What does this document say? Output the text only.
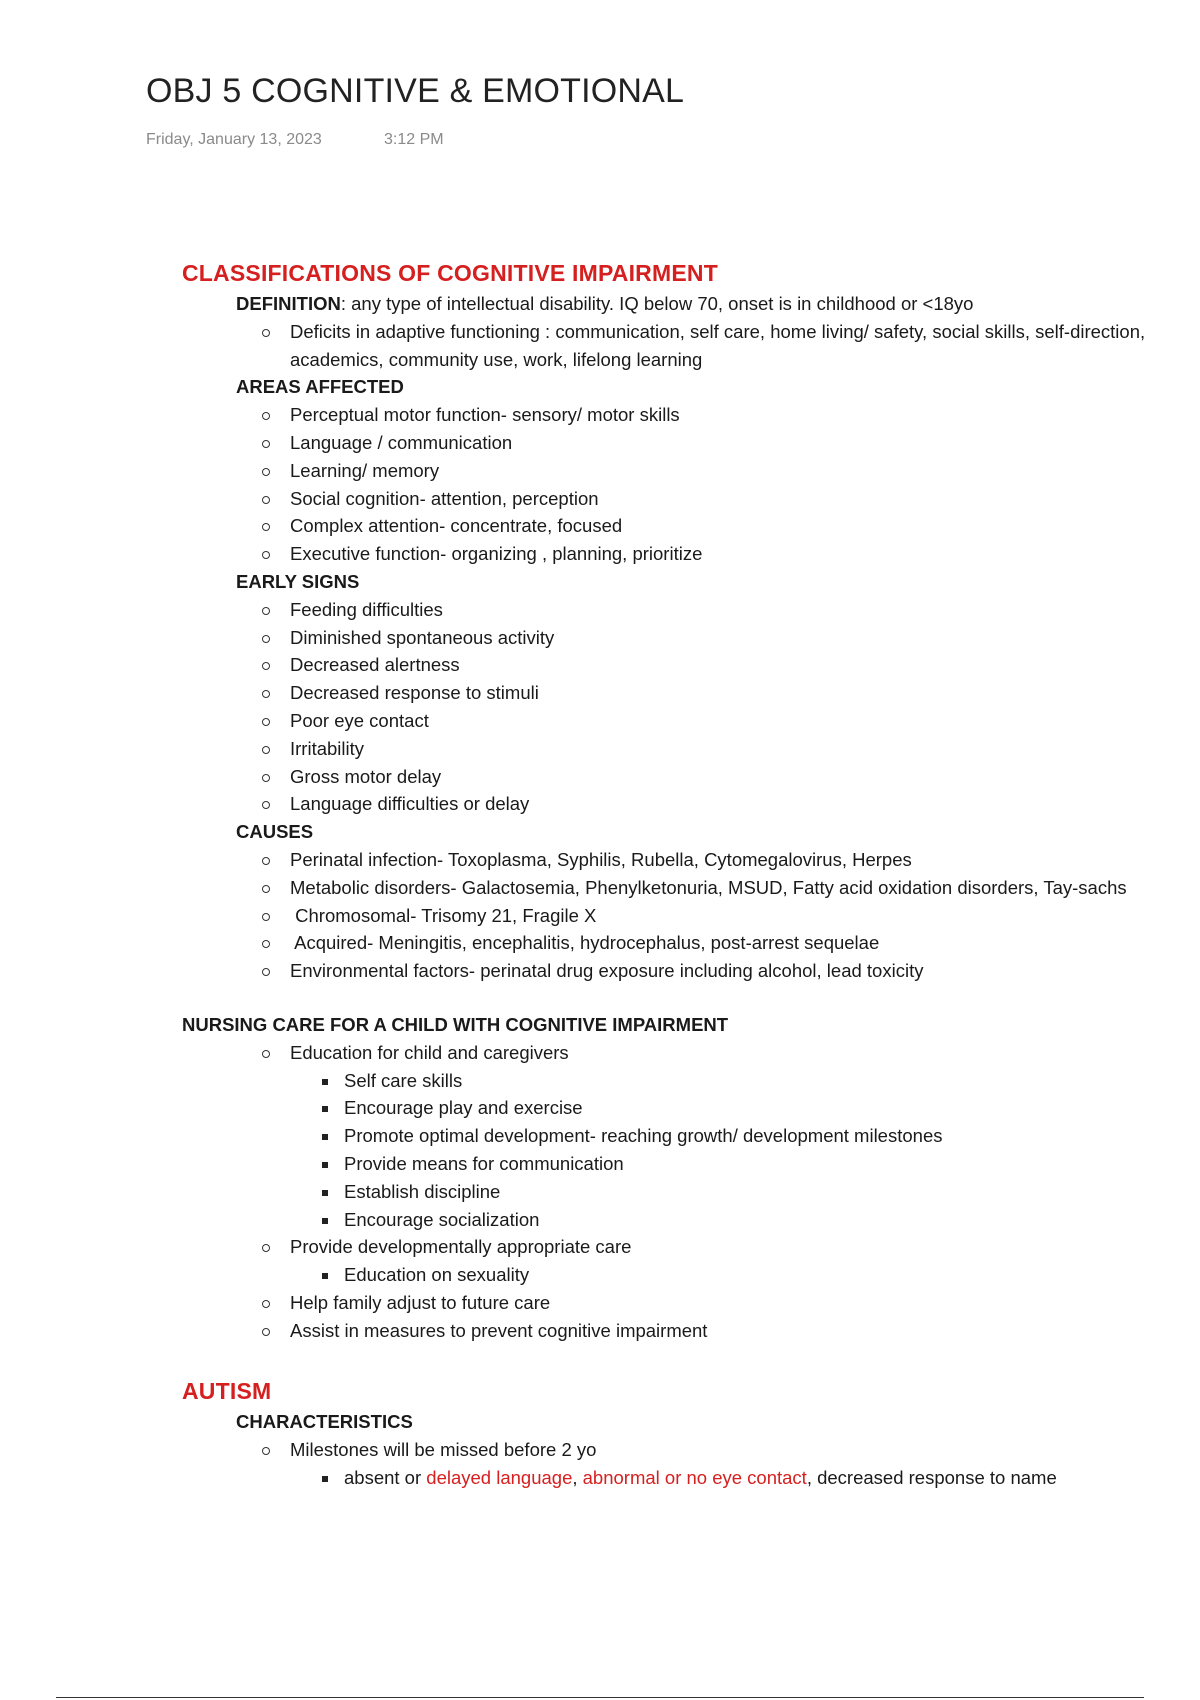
OBJ 5 COGNITIVE & EMOTIONAL
Friday, January 13, 2023	3:12 PM
CLASSIFICATIONS OF COGNITIVE IMPAIRMENT
DEFINITION: any type of intellectual disability. IQ below 70, onset is in childhood or <18yo
Deficits in adaptive functioning : communication, self care, home living/ safety, social skills, self-direction, academics, community use, work, lifelong learning
AREAS AFFECTED
Perceptual motor function- sensory/ motor skills
Language / communication
Learning/ memory
Social cognition- attention, perception
Complex attention- concentrate, focused
Executive function- organizing , planning, prioritize
EARLY SIGNS
Feeding difficulties
Diminished spontaneous activity
Decreased alertness
Decreased response to stimuli
Poor eye contact
Irritability
Gross motor delay
Language difficulties or delay
CAUSES
Perinatal infection- Toxoplasma, Syphilis, Rubella, Cytomegalovirus, Herpes
Metabolic disorders- Galactosemia, Phenylketonuria, MSUD, Fatty acid oxidation disorders, Tay-sachs
Chromosomal- Trisomy 21, Fragile X
Acquired- Meningitis, encephalitis, hydrocephalus, post-arrest sequelae
Environmental factors- perinatal drug exposure including alcohol, lead toxicity
NURSING CARE FOR A CHILD WITH COGNITIVE IMPAIRMENT
Education for child and caregivers
Self care skills
Encourage play and exercise
Promote optimal development- reaching growth/ development milestones
Provide means for communication
Establish discipline
Encourage socialization
Provide developmentally appropriate care
Education on sexuality
Help family adjust to future care
Assist in measures to prevent cognitive impairment
AUTISM
CHARACTERISTICS
Milestones will be missed before 2 yo
absent or delayed language, abnormal or no eye contact, decreased response to name
